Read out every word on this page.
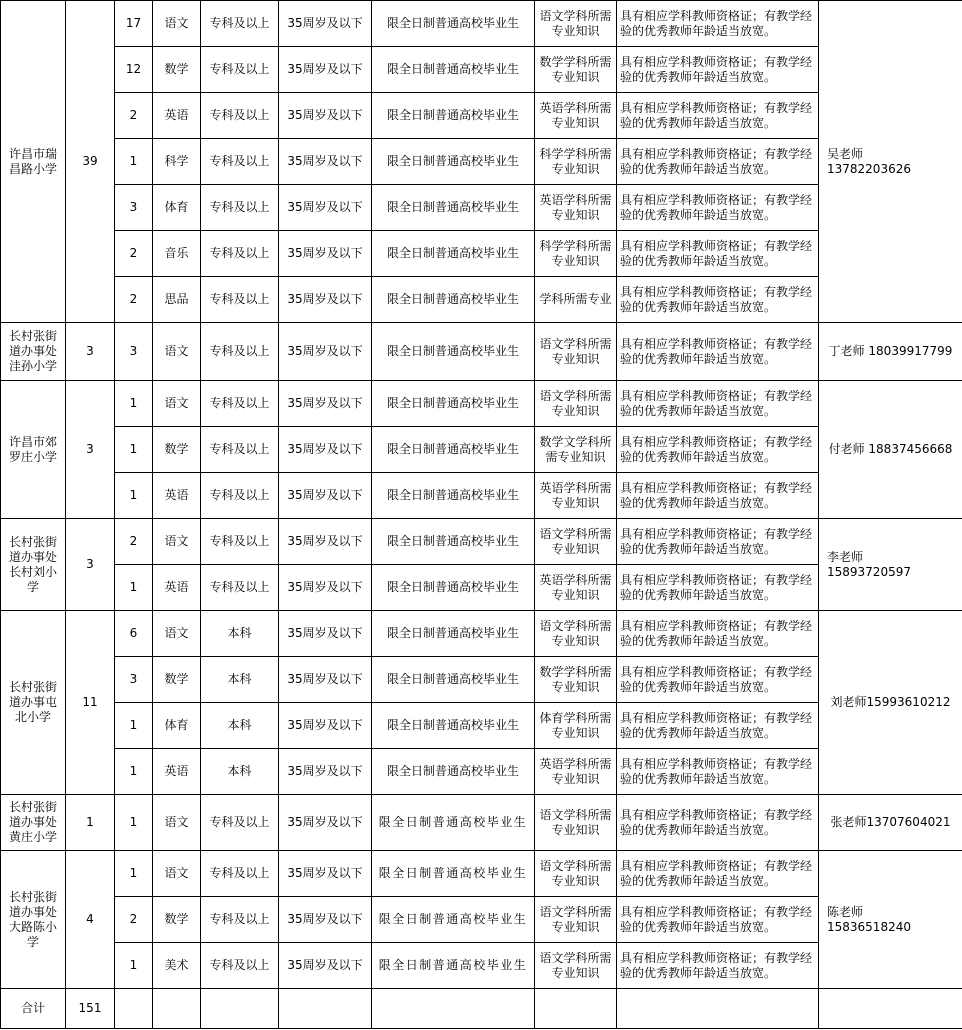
许昌市瑞昌路小学	39	17	语文	专科及以上	35周岁及以下	限全日制普通高校毕业生	语文学科所需专业知识	具有相应学科教师资格证；有教学经验的优秀教师年龄适当放宽。	吴老师　 13782203626
		12	数学	专科及以上	35周岁及以下	限全日制普通高校毕业生	数学学科所需专业知识	具有相应学科教师资格证；有教学经验的优秀教师年龄适当放宽。	
		2	英语	专科及以上	35周岁及以下	限全日制普通高校毕业生	英语学科所需专业知识	具有相应学科教师资格证；有教学经验的优秀教师年龄适当放宽。	
		1	科学	专科及以上	35周岁及以下	限全日制普通高校毕业生	科学学科所需专业知识	具有相应学科教师资格证；有教学经验的优秀教师年龄适当放宽。	
		3	体育	专科及以上	35周岁及以下	限全日制普通高校毕业生	英语学科所需专业知识	具有相应学科教师资格证；有教学经验的优秀教师年龄适当放宽。	
		2	音乐	专科及以上	35周岁及以下	限全日制普通高校毕业生	科学学科所需专业知识	具有相应学科教师资格证；有教学经验的优秀教师年龄适当放宽。	
		2	思品	专科及以上	35周岁及以下	限全日制普通高校毕业生	学科所需专业	具有相应学科教师资格证；有教学经验的优秀教师年龄适当放宽。	
长村张街道办事处洼孙小学	3	3	语文	专科及以上	35周岁及以下	限全日制普通高校毕业生	语文学科所需专业知识	具有相应学科教师资格证；有教学经验的优秀教师年龄适当放宽。	丁老师 18039917799
许昌市郊罗庄小学	3	1	语文	专科及以上	35周岁及以下	限全日制普通高校毕业生	语文学科所需专业知识	具有相应学科教师资格证；有教学经验的优秀教师年龄适当放宽。	付老师 18837456668
		1	数学	专科及以上	35周岁及以下	限全日制普通高校毕业生	数学文学科所需专业知识	具有相应学科教师资格证；有教学经验的优秀教师年龄适当放宽。	
		1	英语	专科及以上	35周岁及以下	限全日制普通高校毕业生	英语学科所需专业知识	具有相应学科教师资格证；有教学经验的优秀教师年龄适当放宽。	
长村张街道办事处长村刘小学	3	2	语文	专科及以上	35周岁及以下	限全日制普通高校毕业生	语文学科所需专业知识	具有相应学科教师资格证；有教学经验的优秀教师年龄适当放宽。	李老师　 15893720597
		1	英语	专科及以上	35周岁及以下	限全日制普通高校毕业生	英语学科所需专业知识	具有相应学科教师资格证；有教学经验的优秀教师年龄适当放宽。	
长村张街道办事屯北小学	11	6	语文	本科	35周岁及以下	限全日制普通高校毕业生	语文学科所需专业知识	具有相应学科教师资格证；有教学经验的优秀教师年龄适当放宽。	刘老师15993610212
		3	数学	本科	35周岁及以下	限全日制普通高校毕业生	数学学科所需专业知识	具有相应学科教师资格证；有教学经验的优秀教师年龄适当放宽。	
		1	体育	本科	35周岁及以下	限全日制普通高校毕业生	体育学科所需专业知识	具有相应学科教师资格证；有教学经验的优秀教师年龄适当放宽。	
		1	英语	本科	35周岁及以下	限全日制普通高校毕业生	英语学科所需专业知识	具有相应学科教师资格证；有教学经验的优秀教师年龄适当放宽。	
长村张街道办事处黄庄小学	1	1	语文	专科及以上	35周岁及以下	限全日制普通高校毕业生	语文学科所需专业知识	具有相应学科教师资格证；有教学经验的优秀教师年龄适当放宽。	张老师13707604021
长村张街道办事处大路陈小学	4	1	语文	专科及以上	35周岁及以下	限全日制普通高校毕业生	语文学科所需专业知识	具有相应学科教师资格证；有教学经验的优秀教师年龄适当放宽。	陈老师　 15836518240
		2	数学	专科及以上	35周岁及以下	限全日制普通高校毕业生	语文学科所需专业知识	具有相应学科教师资格证；有教学经验的优秀教师年龄适当放宽。	
		1	美术	专科及以上	35周岁及以下	限全日制普通高校毕业生	语文学科所需专业知识	具有相应学科教师资格证；有教学经验的优秀教师年龄适当放宽。	
合计	151								
